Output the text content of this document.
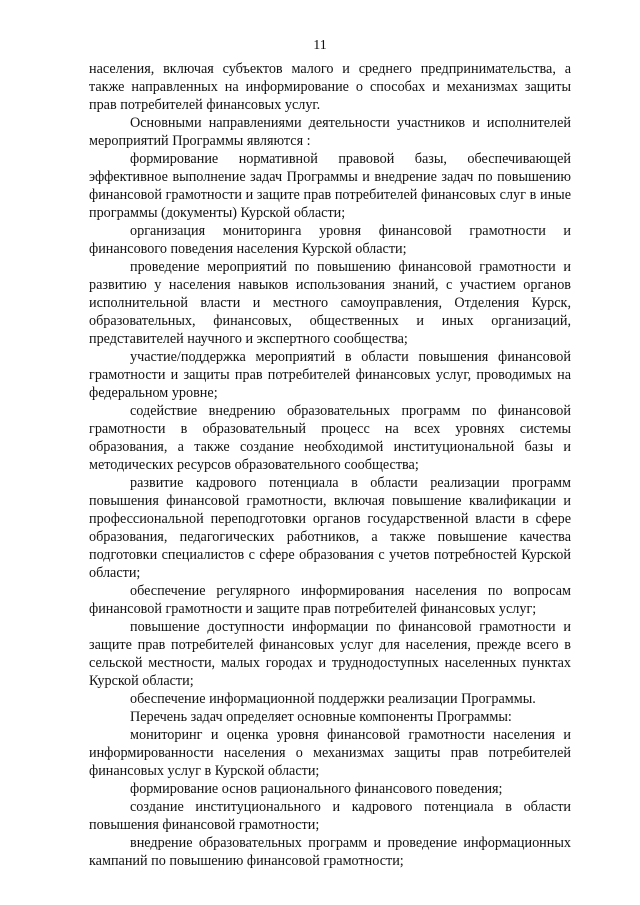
11

населения, включая субъектов малого и среднего предпринимательства, а также направленных на информирование о способах и механизмах защиты прав потребителей финансовых услуг.

Основными направлениями деятельности участников и исполнителей мероприятий Программы являются :

формирование нормативной правовой базы, обеспечивающей эффективное выполнение задач Программы и внедрение задач по повышению финансовой грамотности и защите прав потребителей финансовых слуг в иные программы (документы) Курской области;

организация мониторинга уровня финансовой грамотности и финансового поведения населения Курской области;

проведение мероприятий по повышению финансовой грамотности и развитию у населения навыков использования знаний, с участием органов исполнительной власти и местного самоуправления, Отделения Курск, образовательных, финансовых, общественных и иных организаций, представителей научного и экспертного сообщества;

участие/поддержка мероприятий в области повышения финансовой грамотности и защиты прав потребителей финансовых услуг, проводимых на федеральном уровне;

содействие внедрению образовательных программ по финансовой грамотности в образовательный процесс на всех уровнях системы образования, а также создание необходимой институциональной базы и методических ресурсов образовательного сообщества;

развитие кадрового потенциала в области реализации программ повышения финансовой грамотности, включая повышение квалификации и профессиональной переподготовки органов государственной власти в сфере образования, педагогических работников, а также повышение качества подготовки специалистов с сфере образования с учетов потребностей Курской области;

обеспечение регулярного информирования населения по вопросам финансовой грамотности и защите прав потребителей финансовых услуг;

повышение доступности информации по финансовой грамотности и защите прав потребителей финансовых услуг для населения, прежде всего в сельской местности, малых городах и труднодоступных населенных пунктах Курской области;

обеспечение информационной поддержки реализации Программы.

Перечень задач определяет основные компоненты Программы:

мониторинг и оценка уровня финансовой грамотности населения и информированности населения о механизмах защиты прав потребителей финансовых услуг в Курской области;

формирование основ рационального финансового поведения;

создание институционального и кадрового потенциала в области повышения финансовой грамотности;

внедрение образовательных программ и проведение информационных кампаний по повышению финансовой грамотности;
